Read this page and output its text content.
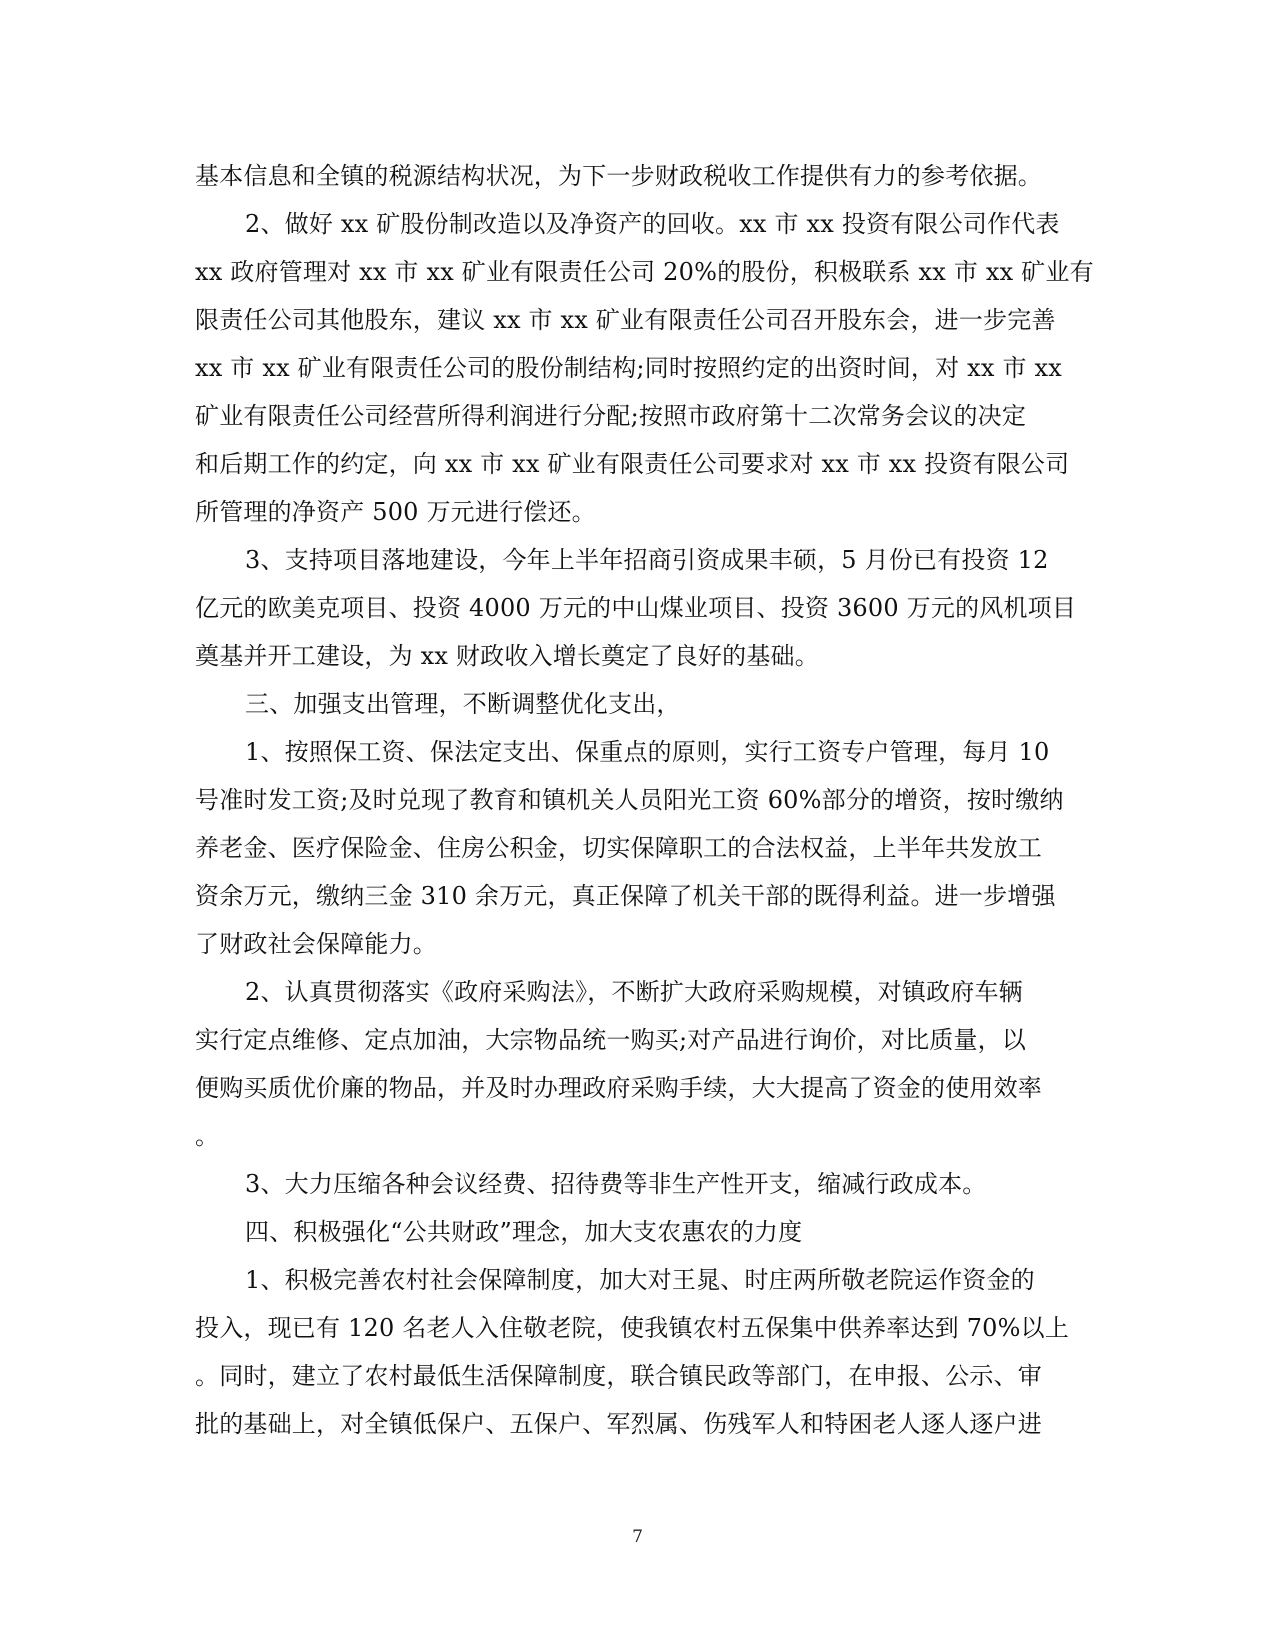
基本信息和全镇的税源结构状况，为下一步财政税收工作提供有力的参考依据。
2、做好 xx 矿股份制改造以及净资产的回收。xx 市 xx 投资有限公司作代表
xx 政府管理对 xx 市 xx 矿业有限责任公司 20%的股份，积极联系 xx 市 xx 矿业有
限责任公司其他股东，建议 xx 市 xx 矿业有限责任公司召开股东会，进一步完善
xx 市 xx 矿业有限责任公司的股份制结构;同时按照约定的出资时间，对 xx 市 xx
矿业有限责任公司经营所得利润进行分配;按照市政府第十二次常务会议的决定
和后期工作的约定，向 xx 市 xx 矿业有限责任公司要求对 xx 市 xx 投资有限公司
所管理的净资产 500 万元进行偿还。
3、支持项目落地建设，今年上半年招商引资成果丰硕，5 月份已有投资 12
亿元的欧美克项目、投资 4000 万元的中山煤业项目、投资 3600 万元的风机项目
奠基并开工建设，为 xx 财政收入增长奠定了良好的基础。
三、加强支出管理，不断调整优化支出，
1、按照保工资、保法定支出、保重点的原则，实行工资专户管理，每月 10
号准时发工资;及时兑现了教育和镇机关人员阳光工资 60%部分的增资，按时缴纳
养老金、医疗保险金、住房公积金，切实保障职工的合法权益，上半年共发放工
资余万元，缴纳三金 310 余万元，真正保障了机关干部的既得利益。进一步增强
了财政社会保障能力。
2、认真贯彻落实《政府采购法》，不断扩大政府采购规模，对镇政府车辆
实行定点维修、定点加油，大宗物品统一购买;对产品进行询价，对比质量，以
便购买质优价廉的物品，并及时办理政府采购手续，大大提高了资金的使用效率
。
3、大力压缩各种会议经费、招待费等非生产性开支，缩减行政成本。
四、积极强化“公共财政”理念，加大支农惠农的力度
1、积极完善农村社会保障制度，加大对王晁、时庄两所敬老院运作资金的
投入，现已有 120 名老人入住敬老院，使我镇农村五保集中供养率达到 70%以上
。同时，建立了农村最低生活保障制度，联合镇民政等部门，在申报、公示、审
批的基础上，对全镇低保户、五保户、军烈属、伤残军人和特困老人逐人逐户进
7
